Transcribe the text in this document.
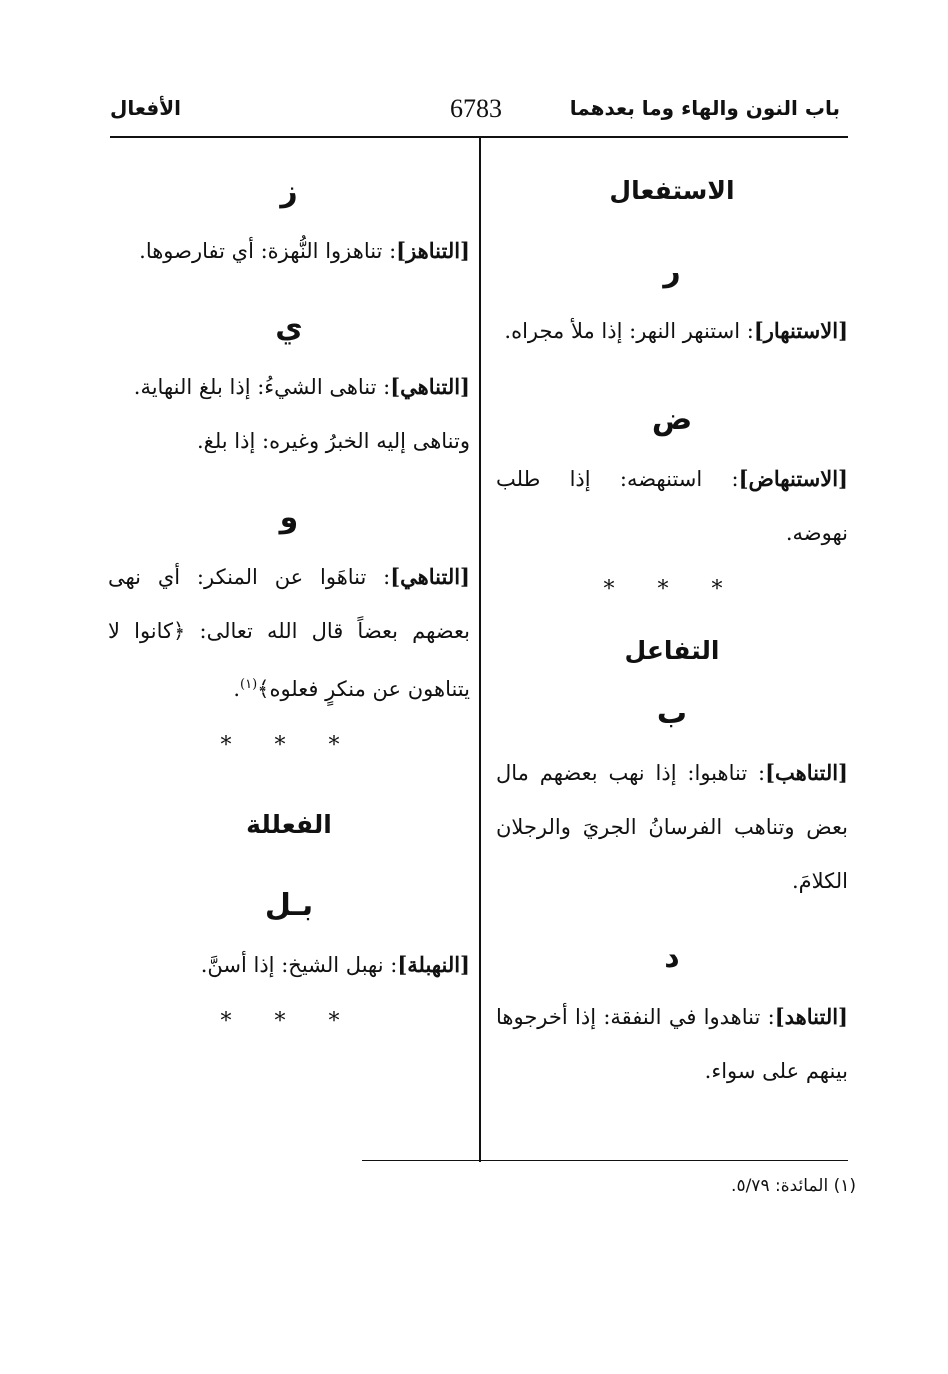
باب النون والهاء وما بعدهما
6783
الأفعال
الاستفعال
ر
[الاستنهار]: استنهر النهر: إذا ملأ مجراه.
ض
[الاستنهاض]: استنهضه: إذا طلب نهوضه.
* * *
التفاعل
ب
[التناهب]: تناهبوا: إذا نهب بعضهم مال بعض وتناهب الفرسانُ الجريَ والرجلان الكلامَ.
د
[التناهد]: تناهدوا في النفقة: إذا أخرجوها بينهم على سواء.
ز
[التناهز]: تناهزوا النُّهزة: أي تفارصوها.
ي
[التناهي]: تناهى الشيءُ: إذا بلغ النهاية.
وتناهى إليه الخبرُ وغيره: إذا بلغ.
و
[التناهي]: تناهَوا عن المنكر: أي نهى بعضهم بعضاً قال الله تعالى: ﴿كانوا لا يتناهون عن منكرٍ فعلوه﴾$^{(١)}$.
* * *
الفعللة
بـل
[النهبلة]: نهبل الشيخ: إذا أسنَّ.
* * *
(١) المائدة: ٥/٧٩.
